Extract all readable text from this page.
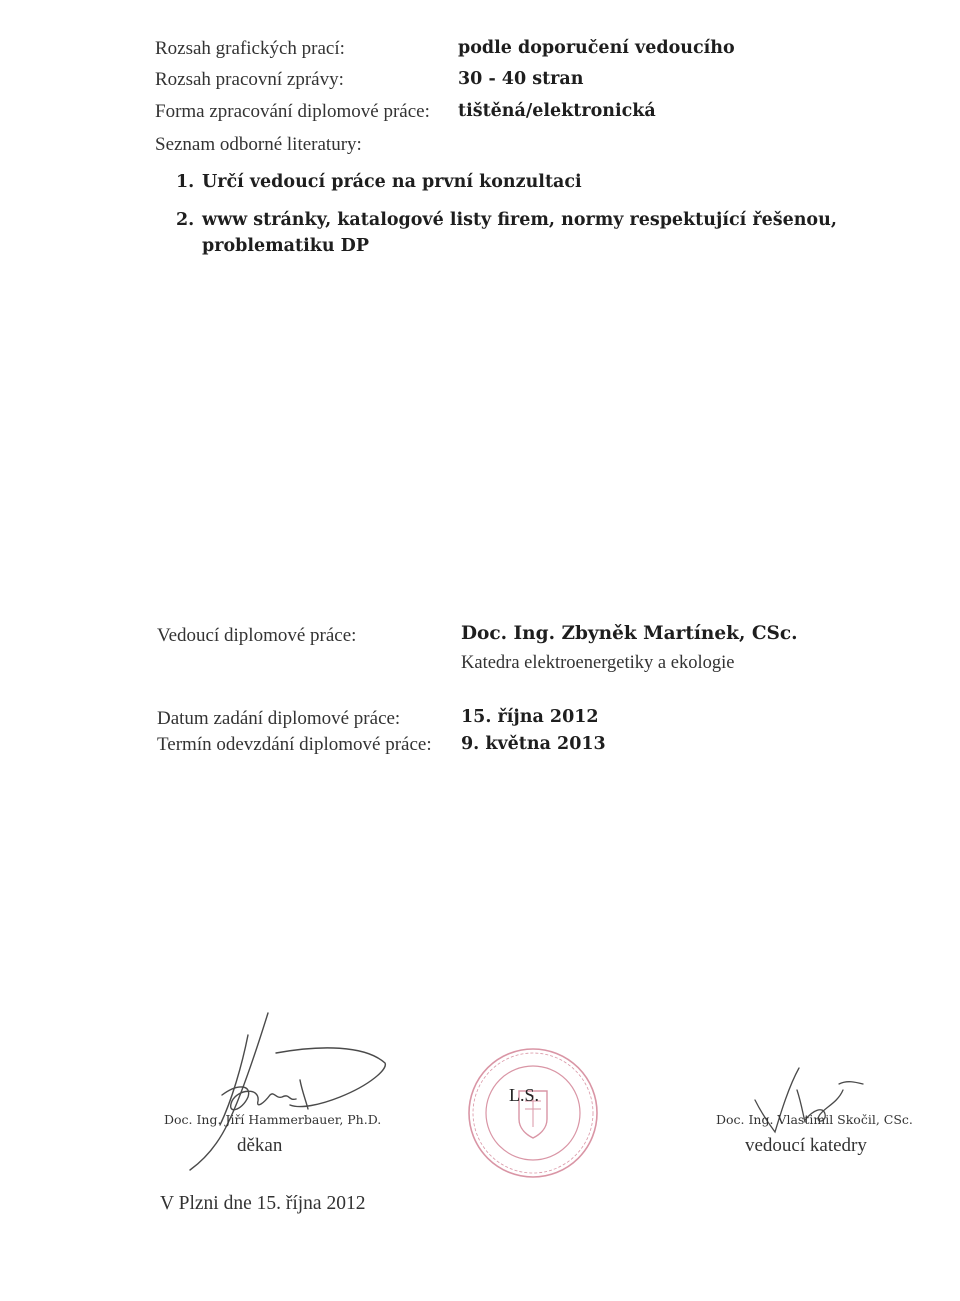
Rozsah grafických prací:	podle doporučení vedoucího
Rozsah pracovní zprávy:	30 - 40 stran
Forma zpracování diplomové práce: tištěná/elektronická
Seznam odborné literatury:
1. Určí vedoucí práce na první konzultaci
2. www stránky, katalogové listy firem, normy respektující řešenou,
problematiku DP
Vedoucí diplomové práce:	Doc. Ing. Zbyněk Martínek, CSc.
Katedra elektroenergetiky a ekologie
Datum zadání diplomové práce:	15. října 2012
Termín odevzdání diplomové práce: 9. května 2013
Doc. Ing. Jiří Hammerbauer, Ph.D.
děkan
L.S.
Doc. Ing. Vlastimil Skočil, CSc.
vedoucí katedry
V Plzni dne 15. října 2012
